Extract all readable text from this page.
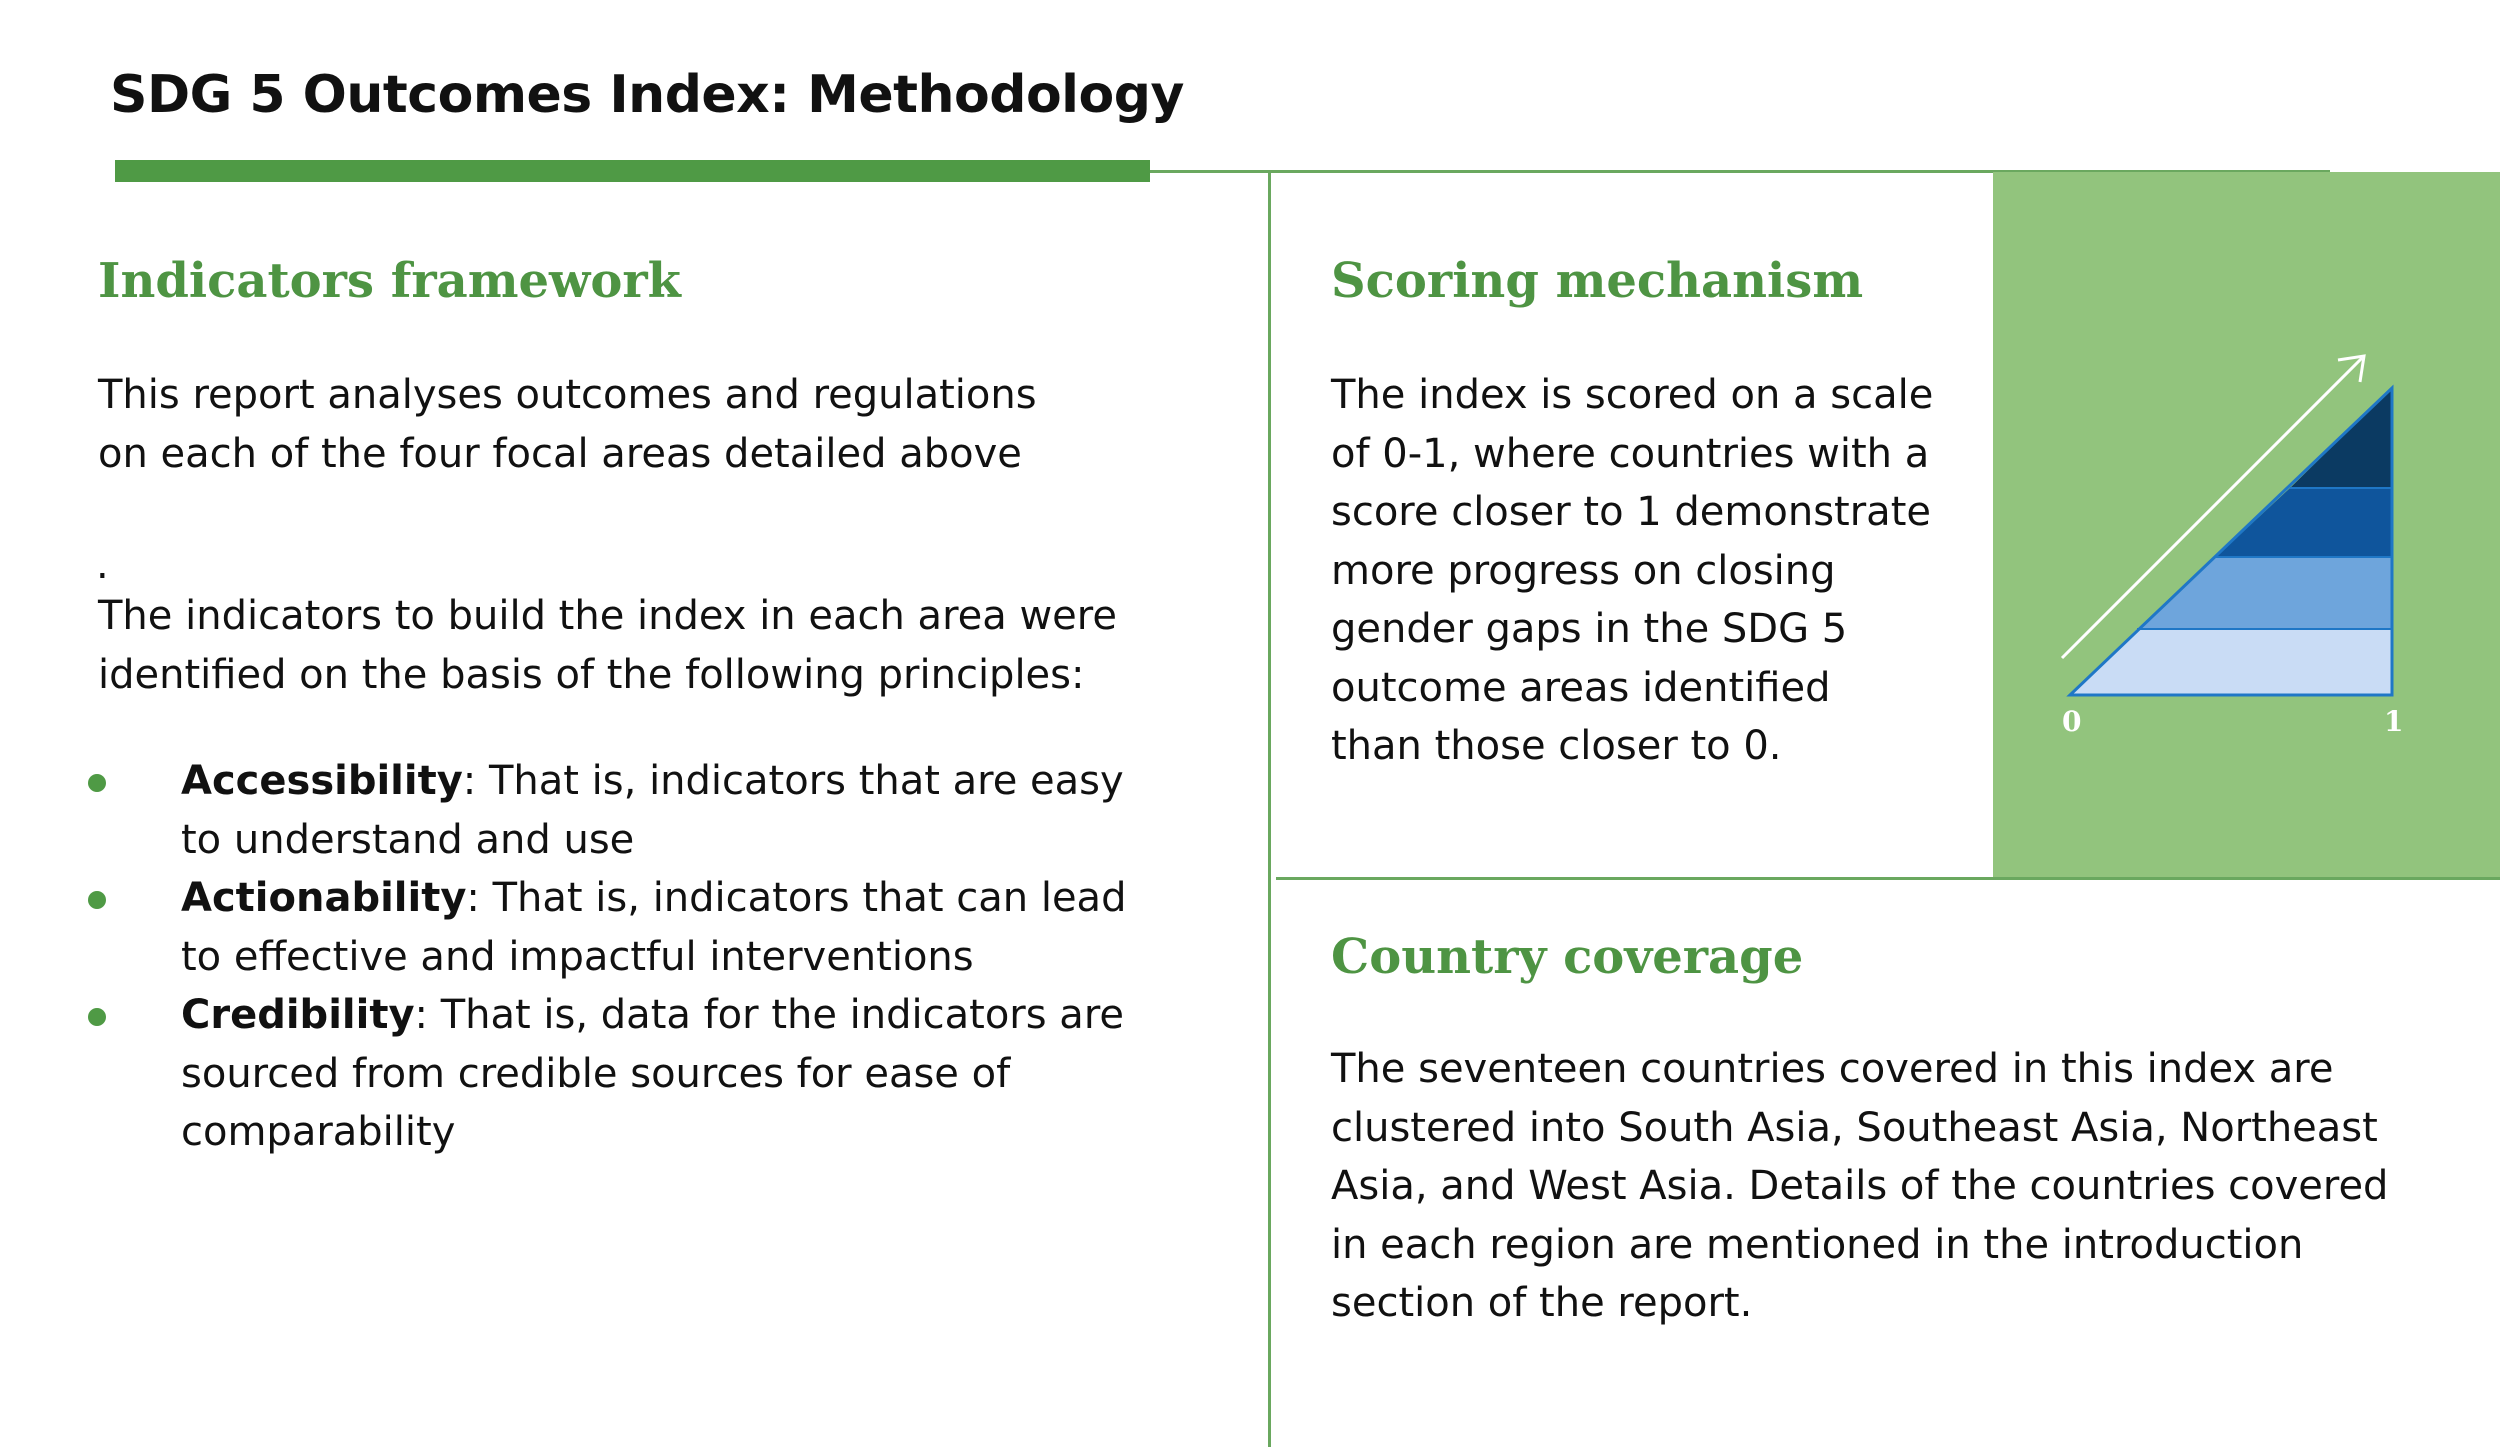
SDG 5 Outcomes Index: Methodology
Indicators framework

This report analyses outcomes and regulations

on each of the four focal areas detailed above

.

The indicators to build the index in each area were

identified on the basis of the following principles:

Accessibility: That is, indicators that are easy
to understand and use
Actionability: That is, indicators that can lead
to effective and impactful interventions
Credibility: That is, data for the indicators are
sourced from credible sources for ease of
comparability
Scoring mechanism

The index is scored on a scale

of 0-1, where countries with a

score closer to 1 demonstrate

more progress on closing

gender gaps in the SDG 5

outcome areas identified

than those closer to 0.

0	1
Country coverage

The seventeen countries covered in this index are

clustered into South Asia, Southeast Asia, Northeast

Asia, and West Asia. Details of the countries covered

in each region are mentioned in the introduction

section of the report.
